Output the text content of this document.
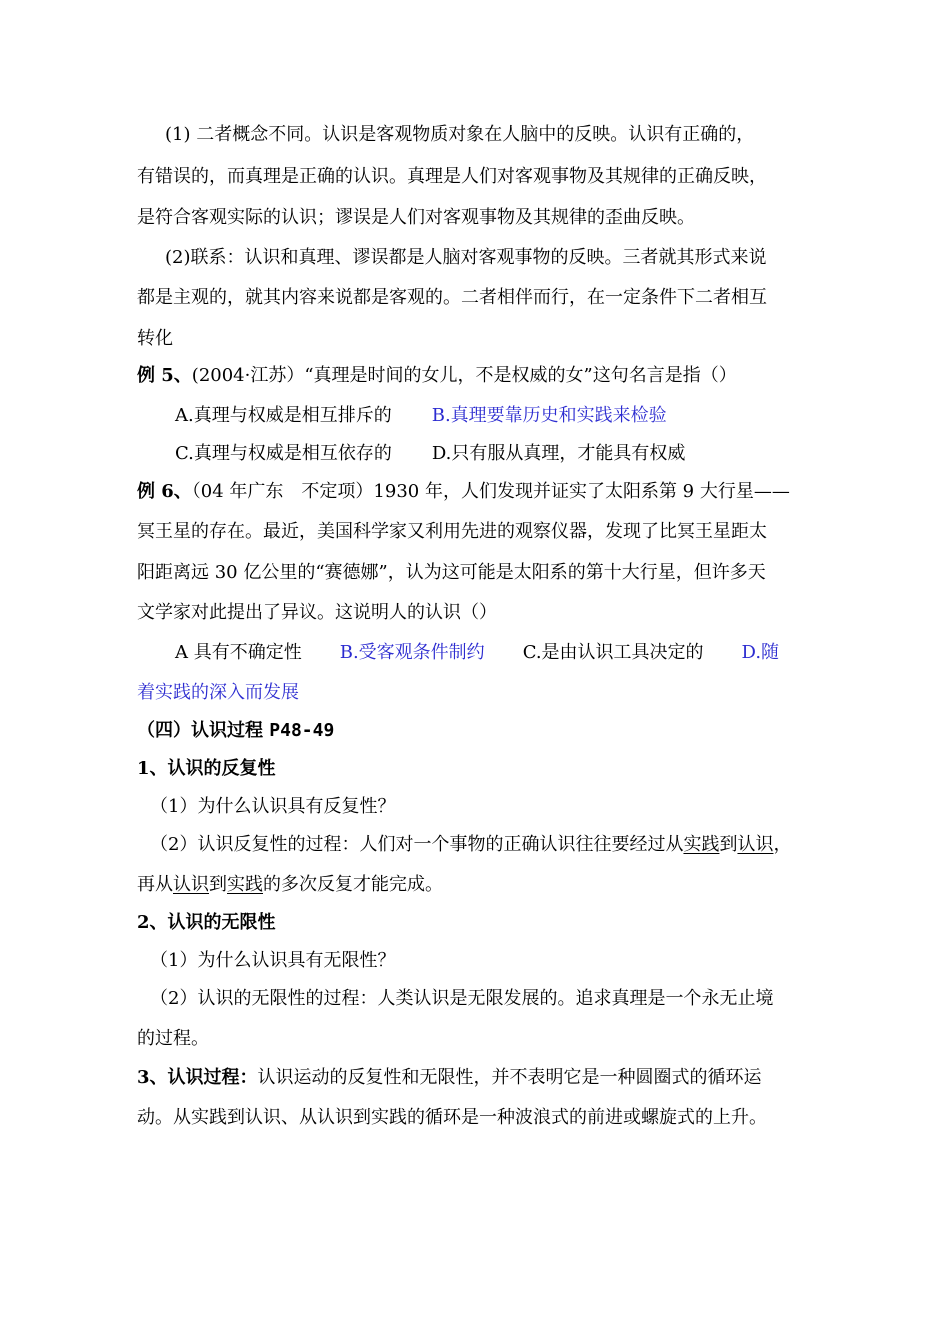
(1) 二者概念不同。认识是客观物质对象在人脑中的反映。认识有正确的，
有错误的，而真理是正确的认识。真理是人们对客观事物及其规律的正确反映，
是符合客观实际的认识；谬误是人们对客观事物及其规律的歪曲反映。
(2)联系：认识和真理、谬误都是人脑对客观事物的反映。三者就其形式来说
都是主观的，就其内容来说都是客观的。二者相伴而行，在一定条件下二者相互
转化
例 5、(2004·江苏）“真理是时间的女儿，不是权威的女”这句名言是指（）
A.真理与权威是相互排斥的 B.真理要靠历史和实践来检验
C.真理与权威是相互依存的 D.只有服从真理，才能具有权威
例 6、（04 年广东　不定项）1930 年，人们发现并证实了太阳系第 9 大行星——
冥王星的存在。最近，美国科学家又利用先进的观察仪器，发现了比冥王星距太
阳距离远 30 亿公里的“赛德娜”，认为这可能是太阳系的第十大行星，但许多天
文学家对此提出了异议。这说明人的认识（）
A 具有不确定性 B.受客观条件制约 C.是由认识工具决定的 D.随
着实践的深入而发展
（四）认识过程 P48-49
1、认识的反复性
（1）为什么认识具有反复性？
（2）认识反复性的过程：人们对一个事物的正确认识往往要经过从实践到认识，
再从认识到实践的多次反复才能完成。
2、认识的无限性
（1）为什么认识具有无限性？
（2）认识的无限性的过程：人类认识是无限发展的。追求真理是一个永无止境
的过程。
3、认识过程：认识运动的反复性和无限性，并不表明它是一种圆圈式的循环运
动。从实践到认识、从认识到实践的循环是一种波浪式的前进或螺旋式的上升。
